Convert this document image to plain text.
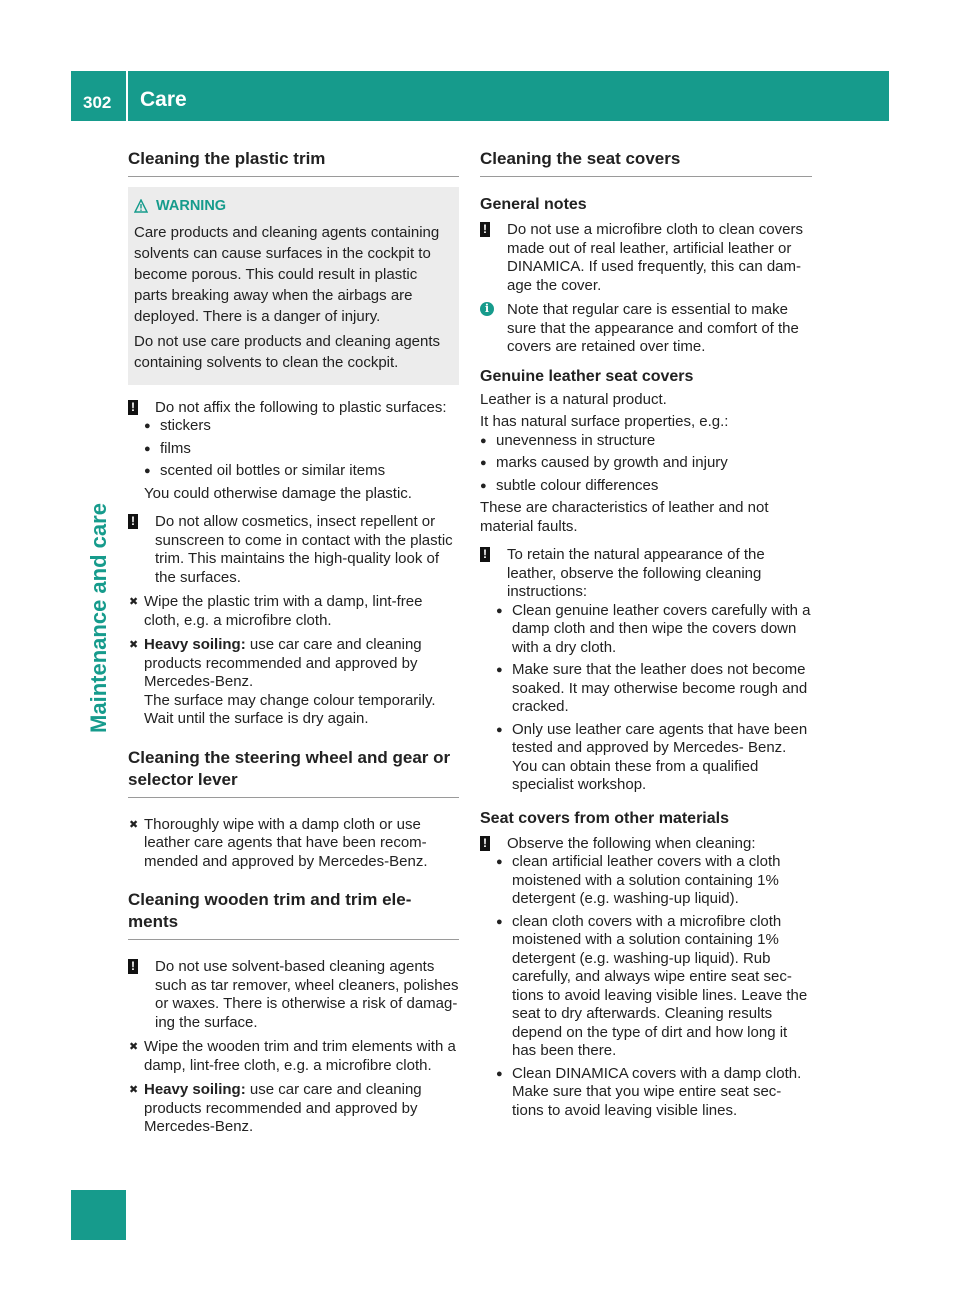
302 Care
Maintenance and care
Cleaning the plastic trim
WARNING

Care products and cleaning agents containing solvents can cause surfaces in the cockpit to become porous. This could result in plastic parts breaking away when the airbags are deployed. There is a danger of injury.

Do not use care products and cleaning agents containing solvents to clean the cockpit.

!	Do not affix the following to plastic surfaces:
● stickers
● films
● scented oil bottles or similar items

You could otherwise damage the plastic.

!	Do not allow cosmetics, insect repellent or sunscreen to come in contact with the plastic trim. This maintains the high-quality look of the surfaces.
✖ Wipe the plastic trim with a damp, lint-free cloth, e.g. a microfibre cloth.
✖ Heavy soiling: use car care and cleaning products recommended and approved by Mercedes-Benz.
The surface may change colour temporarily. Wait until the surface is dry again.
Cleaning the steering wheel and gear or selector lever
✖ Thoroughly wipe with a damp cloth or use leather care agents that have been recom- mended and approved by Mercedes-Benz.
Cleaning wooden trim and trim ele- ments
!	Do not use solvent-based cleaning agents such as tar remover, wheel cleaners, polishes or waxes. There is otherwise a risk of damag- ing the surface.
✖ Wipe the wooden trim and trim elements with a damp, lint-free cloth, e.g. a microfibre cloth.
✖ Heavy soiling: use car care and cleaning products recommended and approved by Mercedes-Benz.
Cleaning the seat covers
General notes
!	Do not use a microfibre cloth to clean covers made out of real leather, artificial leather or DINAMICA. If used frequently, this can dam- age the cover.
i	Note that regular care is essential to make sure that the appearance and comfort of the covers are retained over time.
Genuine leather seat covers

Leather is a natural product.

It has natural surface properties, e.g.:

● unevenness in structure
● marks caused by growth and injury
● subtle colour differences

These are characteristics of leather and not material faults.

!	To retain the natural appearance of the leather, observe the following cleaning instructions:
● Clean genuine leather covers carefully with a damp cloth and then wipe the covers down with a dry cloth.
● Make sure that the leather does not become soaked. It may otherwise become rough and cracked.
● Only use leather care agents that have been tested and approved by Mercedes- Benz. You can obtain these from a qualified specialist workshop.
Seat covers from other materials
!	Observe the following when cleaning:
● clean artificial leather covers with a cloth moistened with a solution containing 1% detergent (e.g. washing-up liquid).
● clean cloth covers with a microfibre cloth moistened with a solution containing 1% detergent (e.g. washing-up liquid). Rub carefully, and always wipe entire seat sec- tions to avoid leaving visible lines. Leave the seat to dry afterwards. Cleaning results depend on the type of dirt and how long it has been there.
● Clean DINAMICA covers with a damp cloth. Make sure that you wipe entire seat sec- tions to avoid leaving visible lines.
